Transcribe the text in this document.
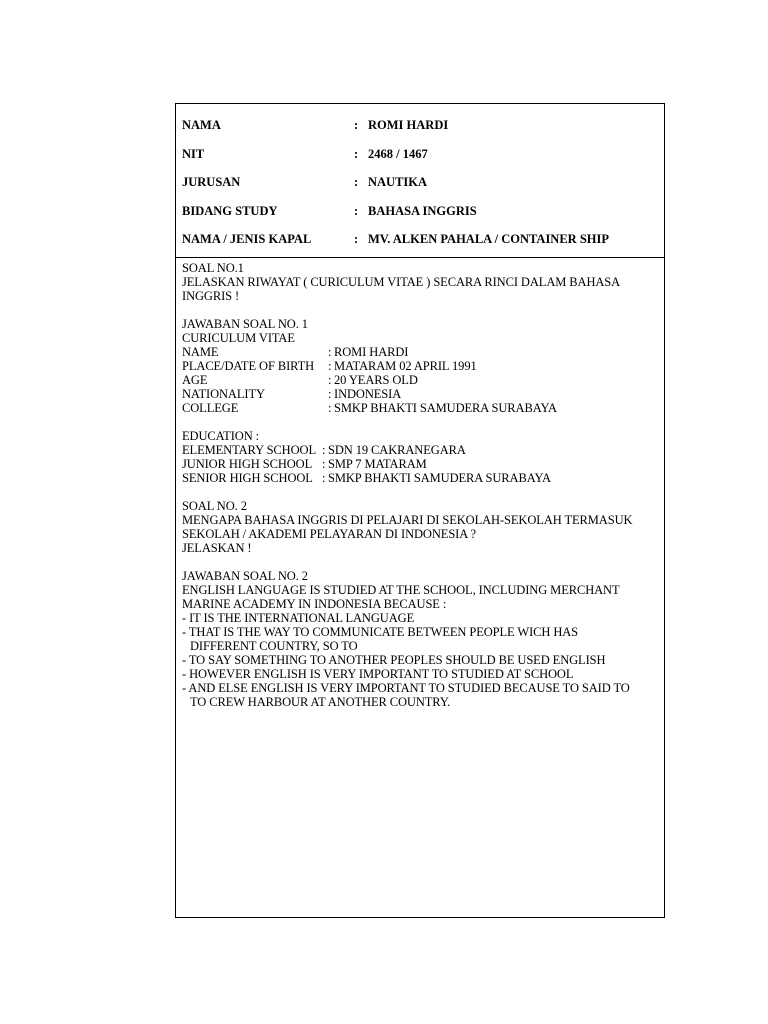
NAMA	: ROMI HARDI
NIT	: 2468 / 1467
JURUSAN	: NAUTIKA
BIDANG STUDY	: BAHASA INGGRIS
NAMA / JENIS KAPAL	: MV. ALKEN PAHALA / CONTAINER SHIP
SOAL NO.1
JELASKAN RIWAYAT ( CURICULUM VITAE ) SECARA RINCI DALAM BAHASA
INGGRIS !
JAWABAN SOAL NO. 1
CURICULUM VITAE
NAME	: ROMI HARDI
PLACE/DATE OF BIRTH	: MATARAM 02 APRIL 1991
AGE	: 20 YEARS OLD
NATIONALITY	: INDONESIA
COLLEGE	: SMKP BHAKTI SAMUDERA SURABAYA
EDUCATION :
ELEMENTARY SCHOOL : SDN 19 CAKRANEGARA
JUNIOR HIGH SCHOOL : SMP 7 MATARAM
SENIOR HIGH SCHOOL : SMKP BHAKTI SAMUDERA SURABAYA
SOAL NO. 2
MENGAPA BAHASA INGGRIS DI PELAJARI DI SEKOLAH-SEKOLAH TERMASUK
SEKOLAH / AKADEMI PELAYARAN DI INDONESIA ?
JELASKAN !
JAWABAN SOAL NO. 2
ENGLISH LANGUAGE IS STUDIED AT THE SCHOOL, INCLUDING MERCHANT
MARINE ACADEMY IN INDONESIA BECAUSE :
- IT IS THE INTERNATIONAL LANGUAGE
- THAT IS THE WAY TO COMMUNICATE BETWEEN PEOPLE WICH HAS
DIFFERENT COUNTRY, SO TO
- TO SAY SOMETHING TO ANOTHER PEOPLES SHOULD BE USED ENGLISH
- HOWEVER ENGLISH IS VERY IMPORTANT TO STUDIED AT SCHOOL
- AND ELSE ENGLISH IS VERY IMPORTANT TO STUDIED BECAUSE TO SAID TO
TO CREW HARBOUR AT ANOTHER COUNTRY.
